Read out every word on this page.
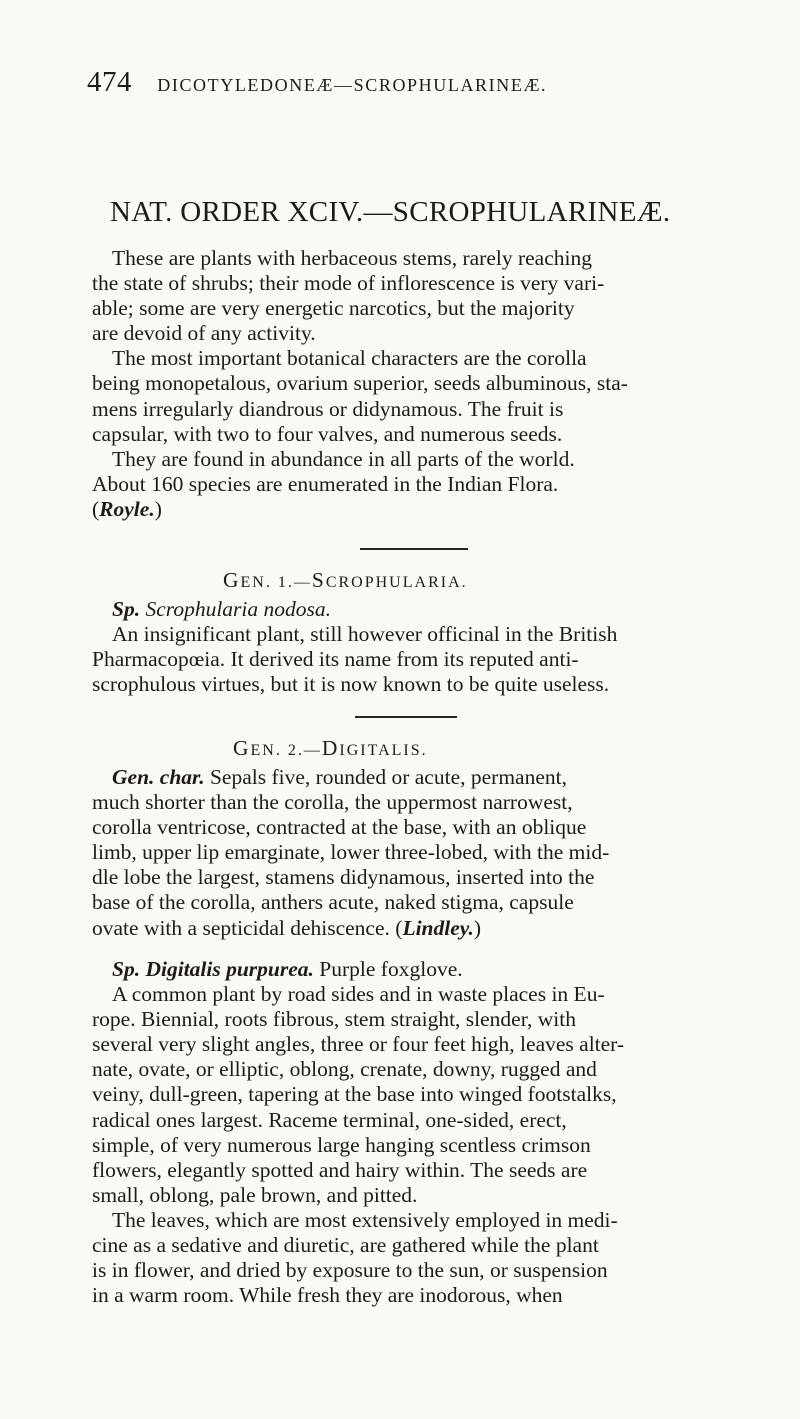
474 DICOTYLEDONEÆ—SCROPHULARINEÆ.
NAT. ORDER XCIV.—SCROPHULARINEÆ.
These are plants with herbaceous stems, rarely reaching
the state of shrubs; their mode of inflorescence is very vari-
able; some are very energetic narcotics, but the majority
are devoid of any activity.
The most important botanical characters are the corolla
being monopetalous, ovarium superior, seeds albuminous, sta-
mens irregularly diandrous or didynamous. The fruit is
capsular, with two to four valves, and numerous seeds.
They are found in abundance in all parts of the world.
About 160 species are enumerated in the Indian Flora.
(Royle.)
GEN. 1.—SCROPHULARIA.
Sp. Scrophularia nodosa.
An insignificant plant, still however officinal in the British
Pharmacopœia. It derived its name from its reputed anti-
scrophulous virtues, but it is now known to be quite useless.
GEN. 2.—DIGITALIS.
Gen. char. Sepals five, rounded or acute, permanent,
much shorter than the corolla, the uppermost narrowest,
corolla ventricose, contracted at the base, with an oblique
limb, upper lip emarginate, lower three-lobed, with the mid-
dle lobe the largest, stamens didynamous, inserted into the
base of the corolla, anthers acute, naked stigma, capsule
ovate with a septicidal dehiscence. (Lindley.)
Sp. Digitalis purpurea. Purple foxglove.
A common plant by road sides and in waste places in Eu-
rope. Biennial, roots fibrous, stem straight, slender, with
several very slight angles, three or four feet high, leaves alter-
nate, ovate, or elliptic, oblong, crenate, downy, rugged and
veiny, dull-green, tapering at the base into winged footstalks,
radical ones largest. Raceme terminal, one-sided, erect,
simple, of very numerous large hanging scentless crimson
flowers, elegantly spotted and hairy within. The seeds are
small, oblong, pale brown, and pitted.
The leaves, which are most extensively employed in medi-
cine as a sedative and diuretic, are gathered while the plant
is in flower, and dried by exposure to the sun, or suspension
in a warm room. While fresh they are inodorous, when
